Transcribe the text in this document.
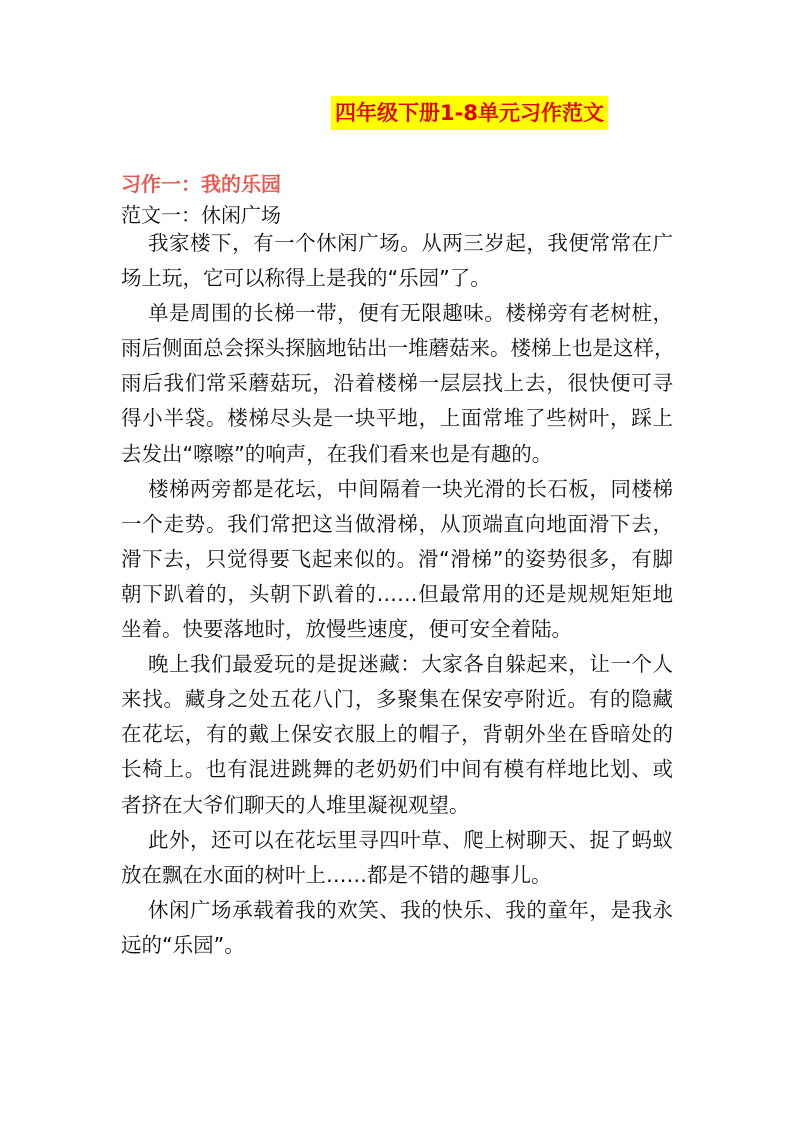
四年级下册1-8单元习作范文
习作一：我的乐园
范文一：休闲广场
我家楼下，有一个休闲广场。从两三岁起，我便常常在广
场上玩，它可以称得上是我的“乐园”了。
单是周围的长梯一带，便有无限趣味。楼梯旁有老树桩，
雨后侧面总会探头探脑地钻出一堆蘑菇来。楼梯上也是这样，
雨后我们常采蘑菇玩，沿着楼梯一层层找上去，很快便可寻
得小半袋。楼梯尽头是一块平地，上面常堆了些树叶，踩上
去发出“嚓嚓”的响声，在我们看来也是有趣的。
楼梯两旁都是花坛，中间隔着一块光滑的长石板，同楼梯
一个走势。我们常把这当做滑梯，从顶端直向地面滑下去，
滑下去，只觉得要飞起来似的。滑“滑梯”的姿势很多，有脚
朝下趴着的，头朝下趴着的……但最常用的还是规规矩矩地
坐着。快要落地时，放慢些速度，便可安全着陆。
晚上我们最爱玩的是捉迷藏：大家各自躲起来，让一个人
来找。藏身之处五花八门，多聚集在保安亭附近。有的隐藏
在花坛，有的戴上保安衣服上的帽子，背朝外坐在昏暗处的
长椅上。也有混进跳舞的老奶奶们中间有模有样地比划、或
者挤在大爷们聊天的人堆里凝视观望。
此外，还可以在花坛里寻四叶草、爬上树聊天、捉了蚂蚁
放在飘在水面的树叶上……都是不错的趣事儿。
休闲广场承载着我的欢笑、我的快乐、我的童年，是我永
远的“乐园”。
